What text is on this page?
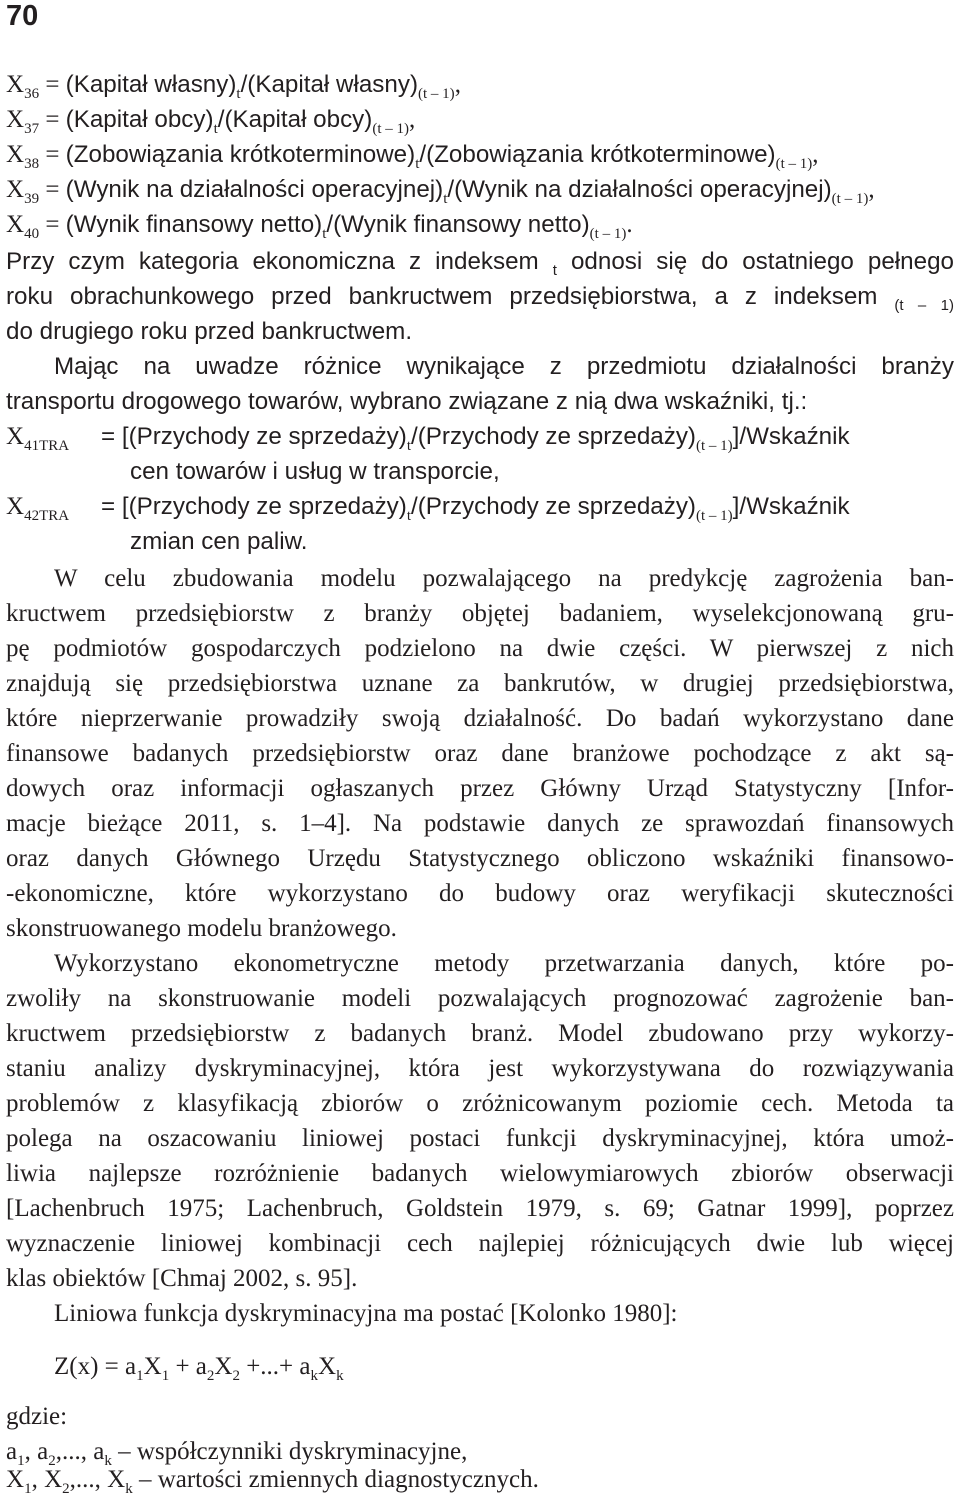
70
$X_{36}$ = (Kapitał $własny)_t/(Kapitał$ $własny)_{(t - 1)}$,
$X_{37}$ = (Kapitał $obcy)_t/(Kapitał$ $obcy)_{(t - 1)}$,
$X_{38}$ = (Zobowiązania $krótkoterminowe)_t/(Zobowiązania$ $krótkoterminowe)_{(t - 1)}$,
$X_{39}$ = (Wynik na działalności $operacyjnej)_t/(Wynik$ na działalności $operacyjnej)_{(t - 1)}$,
$X_{40}$ = (Wynik finansowy $netto)_t/(Wynik$ finansowy $netto)_{(t - 1)}$.
Przy czym kategoria ekonomiczna z indeksem $_t$ odnosi się do ostatniego pełnego
roku obrachunkowego przed bankructwem przedsiębiorstwa, a z indeksem $_{(t - 1)}$
do drugiego roku przed bankructwem.
Mając na uwadze różnice wynikające z przedmiotu działalności branży
transportu drogowego towarów, wybrano związane z nią dwa wskaźniki, tj.:
$X_{41TRA}$ = [(Przychody ze $sprzedaży)_t/(Przychody$ ze $sprzedaży)_{(t - 1)}$]/Wskaźnik
cen towarów i usług w transporcie,
$X_{42TRA}$ = [(Przychody ze $sprzedaży)_t/(Przychody$ ze $sprzedaży)_{(t - 1)}$]/Wskaźnik
zmian cen paliw.
W celu zbudowania modelu pozwalającego na predykcję zagrożenia ban-
kructwem przedsiębiorstw z branży objętej badaniem, wyselekcjonowaną gru-
pę podmiotów gospodarczych podzielono na dwie części. W pierwszej z nich
znajdują się przedsiębiorstwa uznane za bankrutów, w drugiej przedsiębiorstwa,
które nieprzerwanie prowadziły swoją działalność. Do badań wykorzystano dane
finansowe badanych przedsiębiorstw oraz dane branżowe pochodzące z akt są-
dowych oraz informacji ogłaszanych przez Główny Urząd Statystyczny [Infor-
macje bieżące 2011, s. 1–4]. Na podstawie danych ze sprawozdań finansowych
oraz danych Głównego Urzędu Statystycznego obliczono wskaźniki finansowo-
-ekonomiczne, które wykorzystano do budowy oraz weryfikacji skuteczności
skonstruowanego modelu branżowego.
Wykorzystano ekonometryczne metody przetwarzania danych, które po-
zwoliły na skonstruowanie modeli pozwalających prognozować zagrożenie ban-
kructwem przedsiębiorstw z badanych branż. Model zbudowano przy wykorzy-
staniu analizy dyskryminacyjnej, która jest wykorzystywana do rozwiązywania
problemów z klasyfikacją zbiorów o zróżnicowanym poziomie cech. Metoda ta
polega na oszacowaniu liniowej postaci funkcji dyskryminacyjnej, która umoż-
liwia najlepsze rozróżnienie badanych wielowymiarowych zbiorów obserwacji
[Lachenbruch 1975; Lachenbruch, Goldstein 1979, s. 69; Gatnar 1999], poprzez
wyznaczenie liniowej kombinacji cech najlepiej różnicujących dwie lub więcej
klas obiektów [Chmaj 2002, s. 95].
Liniowa funkcja dyskryminacyjna ma postać [Kolonko 1980]:
$Z(x) = a_1X_1 + a_2X_2$ +...+ $a_kX_k$
gdzie:
$a_1$, $a_2$,..., $a_k$ – współczynniki dyskryminacyjne,
$X_1$, $X_2$,..., $X_k$ – wartości zmiennych diagnostycznych.
